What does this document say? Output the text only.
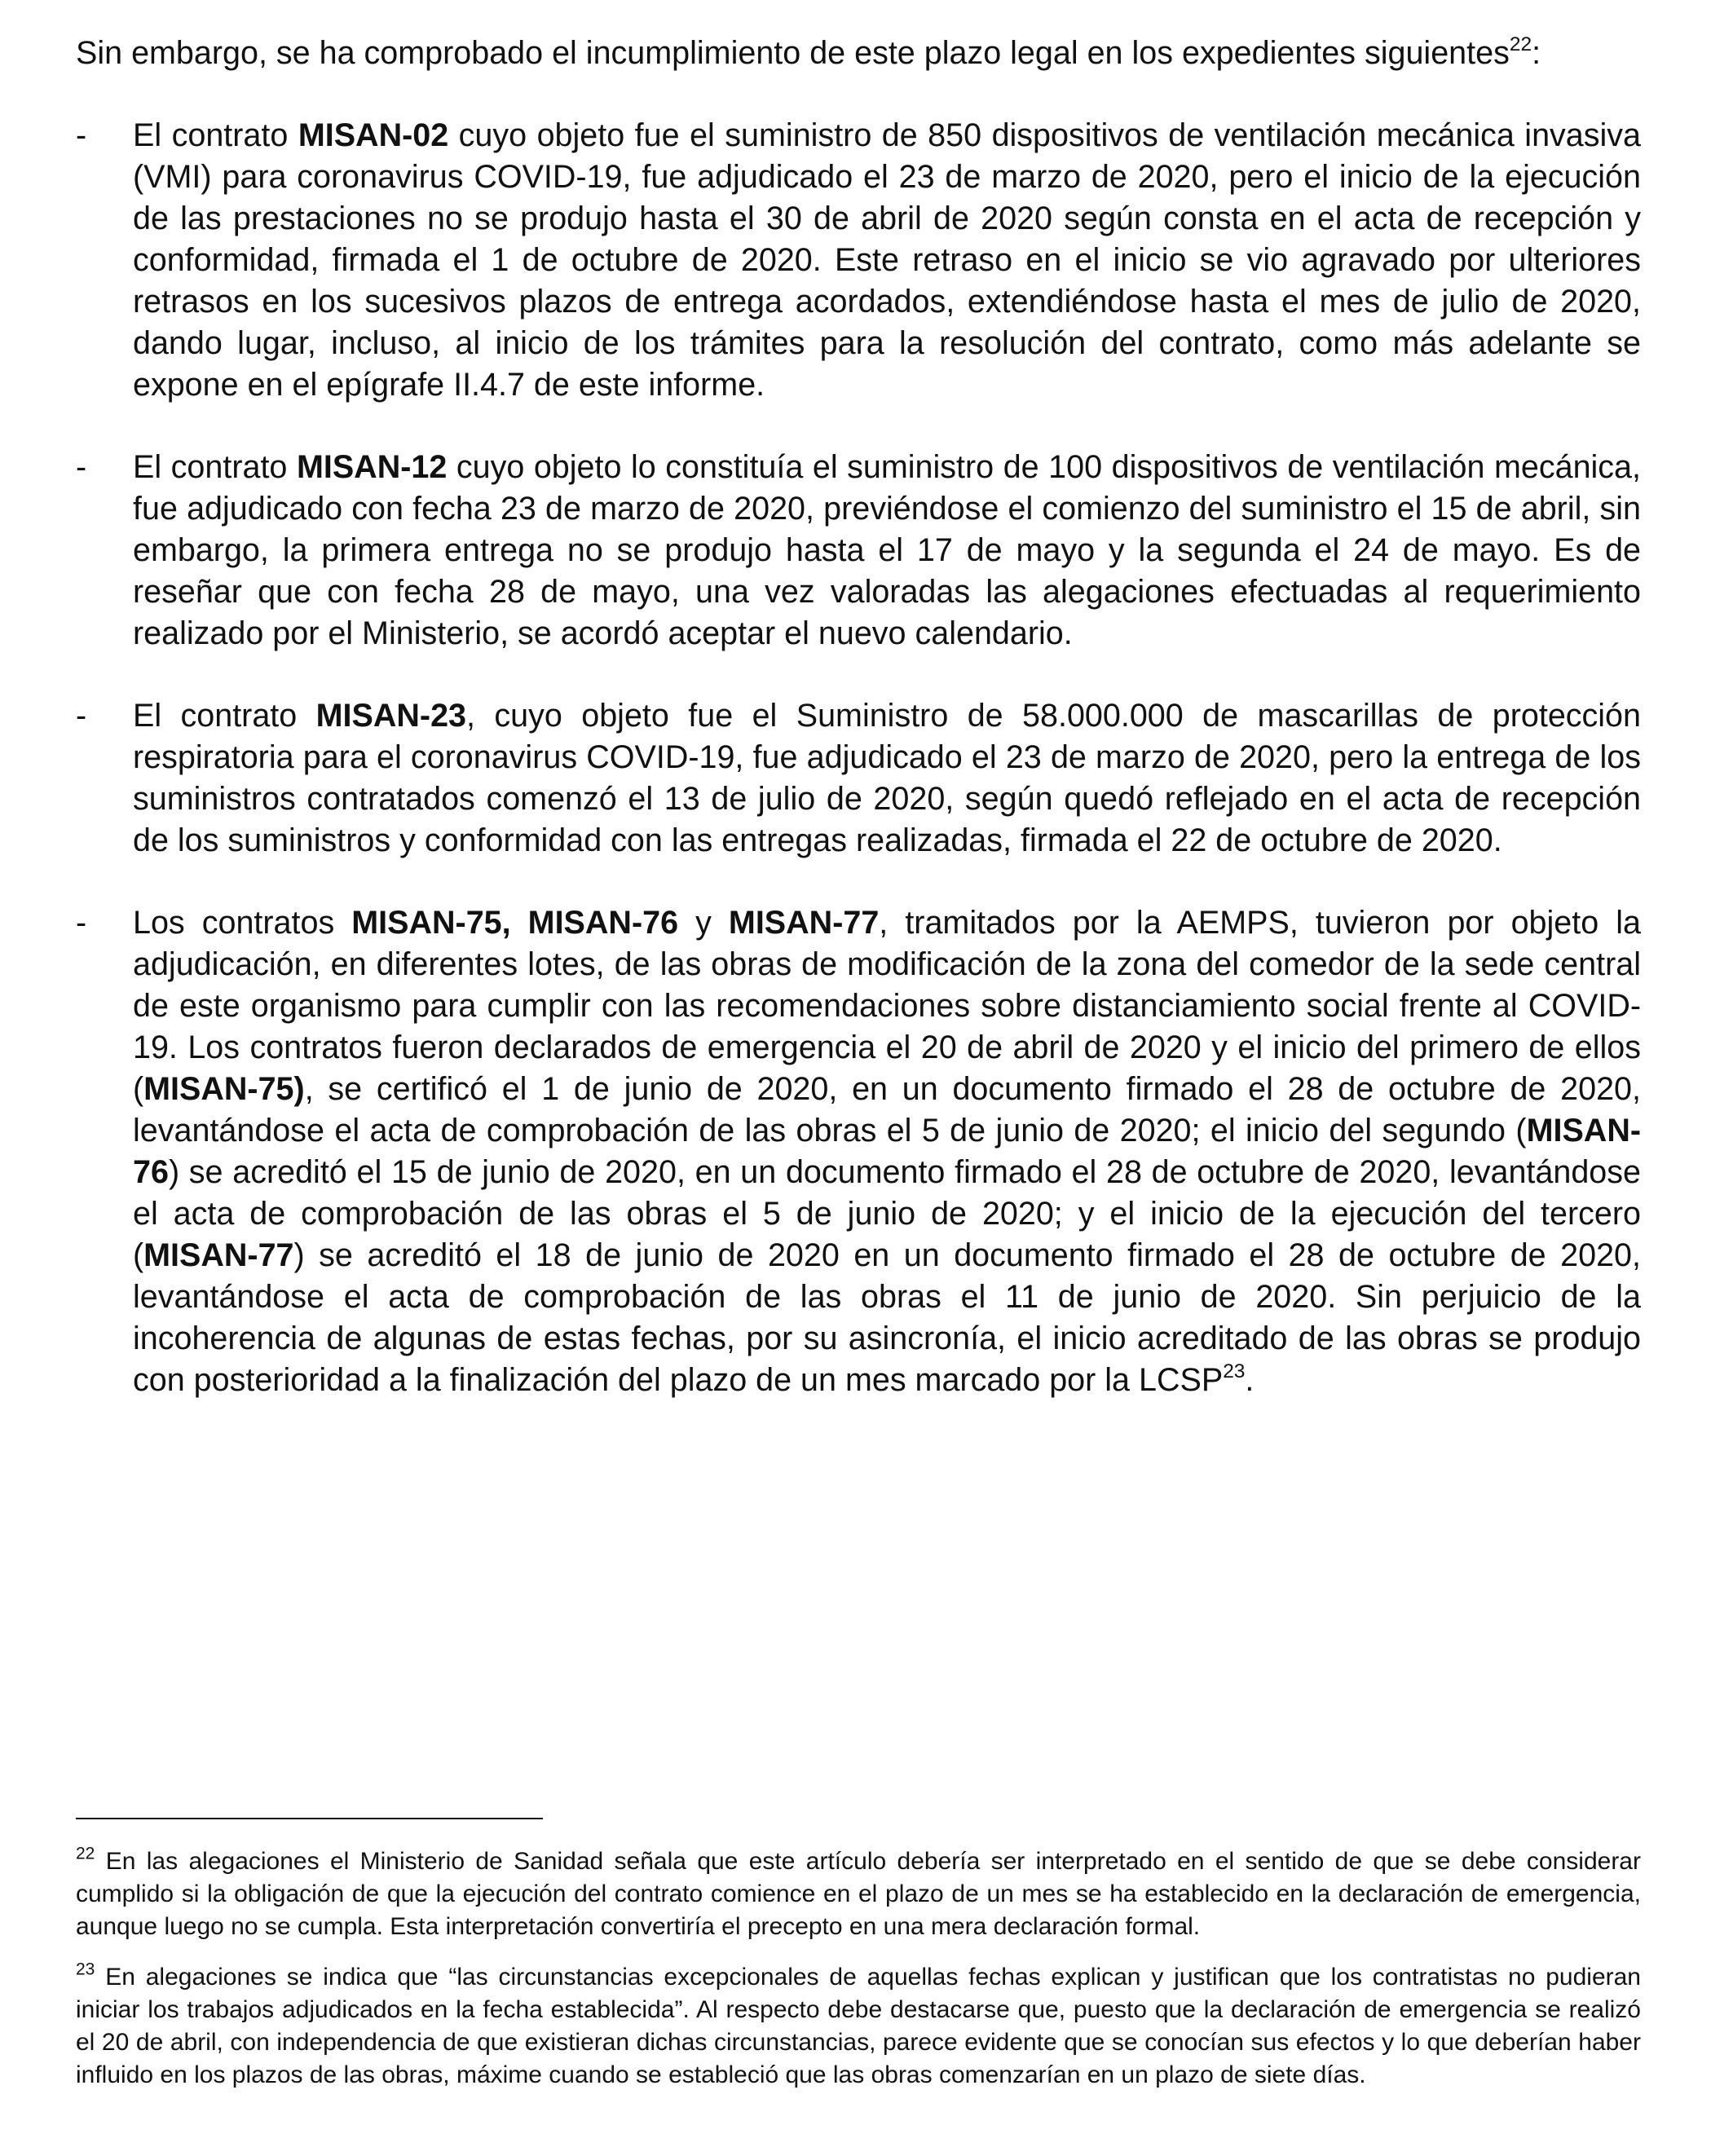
Sin embargo, se ha comprobado el incumplimiento de este plazo legal en los expedientes siguientes$^{22}$:

- El contrato MISAN-02 cuyo objeto fue el suministro de 850 dispositivos de ventilación mecánica invasiva (VMI) para coronavirus COVID-19, fue adjudicado el 23 de marzo de 2020, pero el inicio de la ejecución de las prestaciones no se produjo hasta el 30 de abril de 2020 según consta en el acta de recepción y conformidad, firmada el 1 de octubre de 2020. Este retraso en el inicio se vio agravado por ulteriores retrasos en los sucesivos plazos de entrega acordados, extendiéndose hasta el mes de julio de 2020, dando lugar, incluso, al inicio de los trámites para la resolución del contrato, como más adelante se expone en el epígrafe II.4.7 de este informe.
- El contrato MISAN-12 cuyo objeto lo constituía el suministro de 100 dispositivos de ventilación mecánica, fue adjudicado con fecha 23 de marzo de 2020, previéndose el comienzo del suministro el 15 de abril, sin embargo, la primera entrega no se produjo hasta el 17 de mayo y la segunda el 24 de mayo. Es de reseñar que con fecha 28 de mayo, una vez valoradas las alegaciones efectuadas al requerimiento realizado por el Ministerio, se acordó aceptar el nuevo calendario.
- El contrato MISAN-23, cuyo objeto fue el Suministro de 58.000.000 de mascarillas de protección respiratoria para el coronavirus COVID-19, fue adjudicado el 23 de marzo de 2020, pero la entrega de los suministros contratados comenzó el 13 de julio de 2020, según quedó reflejado en el acta de recepción de los suministros y conformidad con las entregas realizadas, firmada el 22 de octubre de 2020.
- Los contratos MISAN-75, MISAN-76 y MISAN-77, tramitados por la AEMPS, tuvieron por objeto la adjudicación, en diferentes lotes, de las obras de modificación de la zona del comedor de la sede central de este organismo para cumplir con las recomendaciones sobre distanciamiento social frente al COVID-19. Los contratos fueron declarados de emergencia el 20 de abril de 2020 y el inicio del primero de ellos (MISAN-75), se certificó el 1 de junio de 2020, en un documento firmado el 28 de octubre de 2020, levantándose el acta de comprobación de las obras el 5 de junio de 2020; el inicio del segundo (MISAN-76) se acreditó el 15 de junio de 2020, en un documento firmado el 28 de octubre de 2020, levantándose el acta de comprobación de las obras el 5 de junio de 2020; y el inicio de la ejecución del tercero (MISAN-77) se acreditó el 18 de junio de 2020 en un documento firmado el 28 de octubre de 2020, levantándose el acta de comprobación de las obras el 11 de junio de 2020. Sin perjuicio de la incoherencia de algunas de estas fechas, por su asincronía, el inicio acreditado de las obras se produjo con posterioridad a la finalización del plazo de un mes marcado por la LCSP$^{23}$.

$^{22}$ En las alegaciones el Ministerio de Sanidad señala que este artículo debería ser interpretado en el sentido de que se debe considerar cumplido si la obligación de que la ejecución del contrato comience en el plazo de un mes se ha establecido en la declaración de emergencia, aunque luego no se cumpla. Esta interpretación convertiría el precepto en una mera declaración formal.

$^{23}$ En alegaciones se indica que “las circunstancias excepcionales de aquellas fechas explican y justifican que los contratistas no pudieran iniciar los trabajos adjudicados en la fecha establecida”. Al respecto debe destacarse que, puesto que la declaración de emergencia se realizó el 20 de abril, con independencia de que existieran dichas circunstancias, parece evidente que se conocían sus efectos y lo que deberían haber influido en los plazos de las obras, máxime cuando se estableció que las obras comenzarían en un plazo de siete días.
